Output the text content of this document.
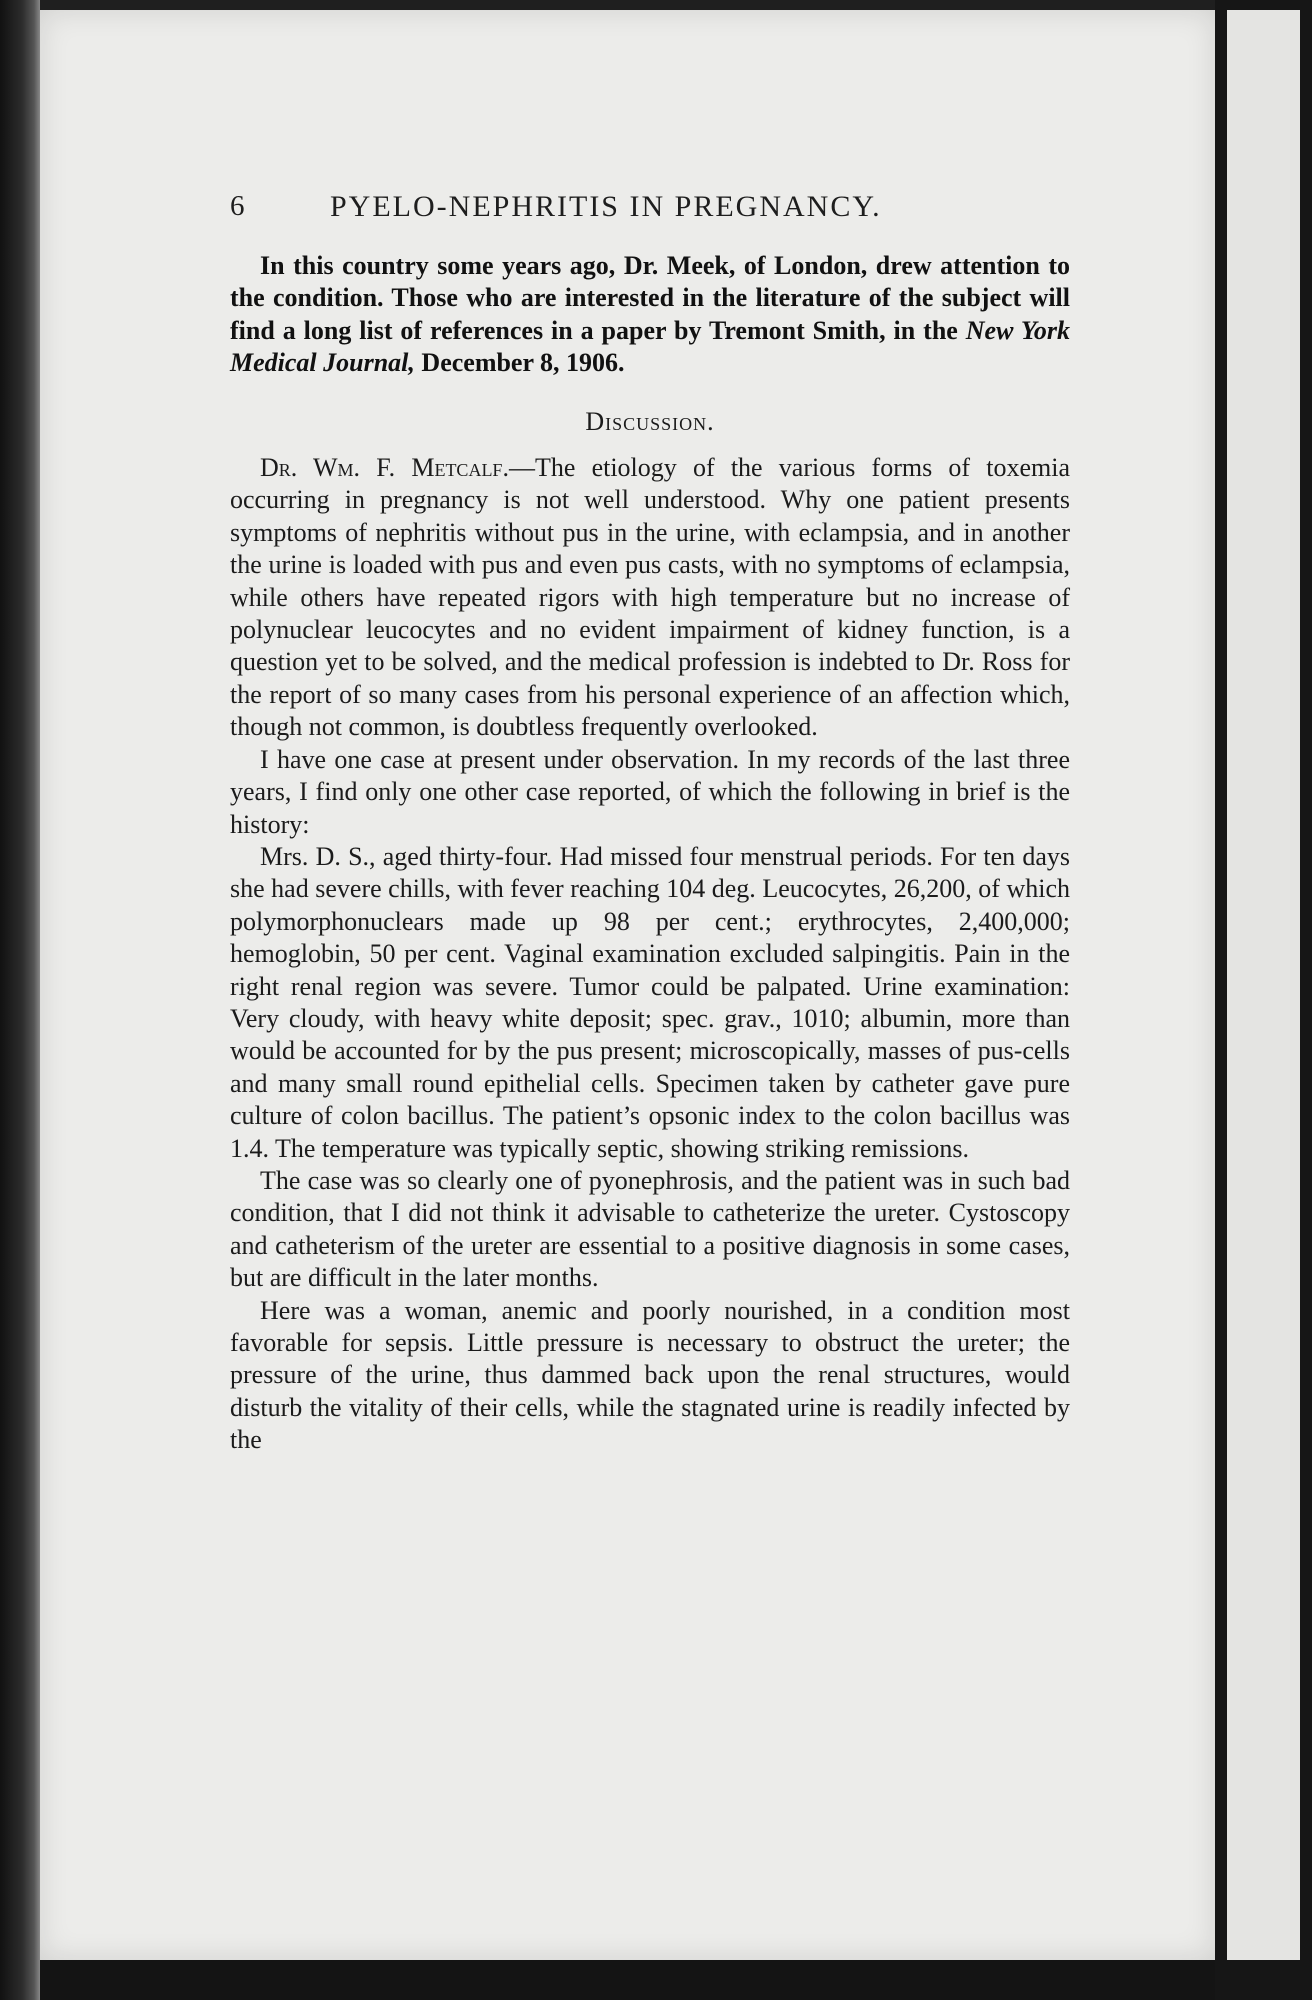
6	PYELO-NEPHRITIS IN PREGNANCY.

In this country some years ago, Dr. Meek, of London, drew attention to the condition. Those who are interested in the literature of the subject will find a long list of references in a paper by Tremont Smith, in the New York Medical Journal, December 8, 1906.

Discussion.

Dr. Wm. F. Metcalf.—The etiology of the various forms of toxemia occurring in pregnancy is not well understood. Why one patient presents symptoms of nephritis without pus in the urine, with eclampsia, and in another the urine is loaded with pus and even pus casts, with no symptoms of eclampsia, while others have repeated rigors with high temperature but no increase of polynuclear leucocytes and no evident impairment of kidney function, is a question yet to be solved, and the medical profession is indebted to Dr. Ross for the report of so many cases from his personal experience of an affection which, though not common, is doubtless frequently overlooked.

I have one case at present under observation. In my records of the last three years, I find only one other case reported, of which the following in brief is the history:

Mrs. D. S., aged thirty-four. Had missed four menstrual periods. For ten days she had severe chills, with fever reaching 104 deg. Leucocytes, 26,200, of which polymorphonuclears made up 98 per cent.; erythrocytes, 2,400,000; hemoglobin, 50 per cent. Vaginal examination excluded salpingitis. Pain in the right renal region was severe. Tumor could be palpated. Urine examination: Very cloudy, with heavy white deposit; spec. grav., 1010; albumin, more than would be accounted for by the pus present; microscopically, masses of pus-cells and many small round epithelial cells. Specimen taken by catheter gave pure culture of colon bacillus. The patient’s opsonic index to the colon bacillus was 1.4. The temperature was typically septic, showing striking remissions.

The case was so clearly one of pyonephrosis, and the patient was in such bad condition, that I did not think it advisable to catheterize the ureter. Cystoscopy and catheterism of the ureter are essential to a positive diagnosis in some cases, but are difficult in the later months.

Here was a woman, anemic and poorly nourished, in a condition most favorable for sepsis. Little pressure is necessary to obstruct the ureter; the pressure of the urine, thus dammed back upon the renal structures, would disturb the vitality of their cells, while the stagnated urine is readily infected by the
